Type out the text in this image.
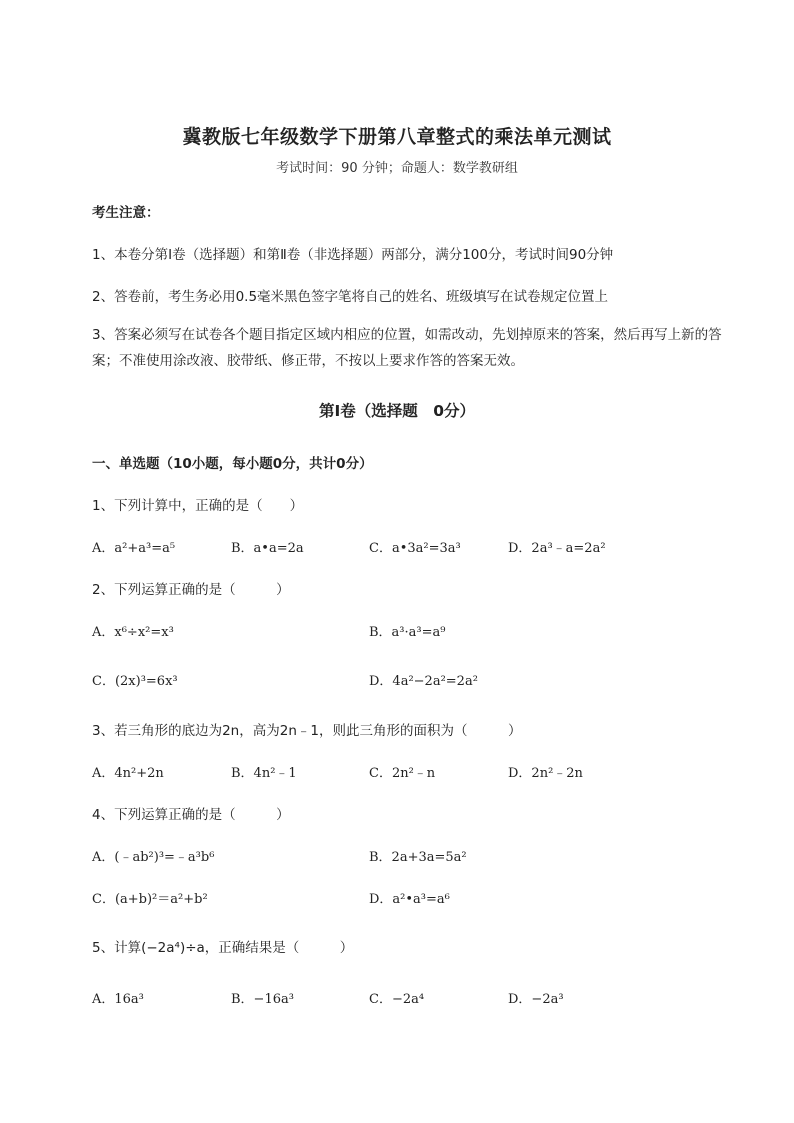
冀教版七年级数学下册第八章整式的乘法单元测试
考试时间：90 分钟；命题人：数学教研组
考生注意：
1、本卷分第Ⅰ卷（选择题）和第Ⅱ卷（非选择题）两部分，满分100分，考试时间90分钟
2、答卷前，考生务必用0.5毫米黑色签字笔将自己的姓名、班级填写在试卷规定位置上
3、答案必须写在试卷各个题目指定区域内相应的位置，如需改动，先划掉原来的答案，然后再写上新的答案；不准使用涂改液、胶带纸、修正带，不按以上要求作答的答案无效。
第Ⅰ卷（选择题　0分）
一、单选题（10小题，每小题0分，共计0分）
1、下列计算中，正确的是（　　）
A．a²+a³=a⁵	B．a•a=2a	C．a•3a²=3a³	D．2a³﹣a=2a²
2、下列运算正确的是（　　　）
A．x⁶÷x²=x³	B．a³·a³=a⁹
C．(2x)³=6x³	D．4a²−2a²=2a²
3、若三角形的底边为2n，高为2n﹣1，则此三角形的面积为（　　　）
A．4n²+2n	B．4n²﹣1	C．2n²﹣n	D．2n²﹣2n
4、下列运算正确的是（　　　）
A．(﹣ab²)³=﹣a³b⁶	B．2a+3a=5a²
C．(a+b)²＝a²+b²	D．a²•a³=a⁶
5、计算(−2a⁴)÷a，正确结果是（　　　）
A．16a³	B．−16a³	C．−2a⁴	D．−2a³
